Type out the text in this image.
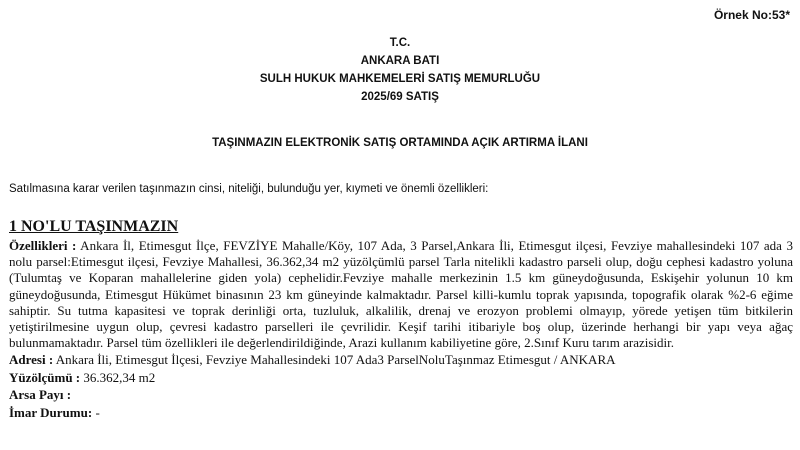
Örnek No:53*
T.C.
ANKARA BATI
SULH HUKUK MAHKEMELERİ SATIŞ MEMURLUĞU
2025/69 SATIŞ
TAŞINMAZIN ELEKTRONİK SATIŞ ORTAMINDA AÇIK ARTIRMA İLANI
Satılmasına karar verilen taşınmazın cinsi, niteliği, bulunduğu yer, kıymeti ve önemli özellikleri:
1 NO'LU TAŞINMAZIN
Özellikleri : Ankara İl, Etimesgut İlçe, FEVZİYE Mahalle/Köy, 107 Ada, 3 Parsel,Ankara İli, Etimesgut ilçesi, Fevziye mahallesindeki 107 ada 3 nolu parsel:Etimesgut ilçesi, Fevziye Mahallesi, 36.362,34 m2 yüzölçümlü parsel Tarla nitelikli kadastro parseli olup, doğu cephesi kadastro yoluna (Tulumtaş ve Koparan mahallelerine giden yola) cephelidir.Fevziye mahalle merkezinin 1.5 km güneydoğusunda, Eskişehir yolunun 10 km güneydoğusunda, Etimesgut Hükümet binasının 23 km güneyinde kalmaktadır. Parsel killi-kumlu toprak yapısında, topografik olarak %2-6 eğime sahiptir. Su tutma kapasitesi ve toprak derinliği orta, tuzluluk, alkalilik, drenaj ve erozyon problemi olmayıp, yörede yetişen tüm bitkilerin yetiştirilmesine uygun olup, çevresi kadastro parselleri ile çevrilidir. Keşif tarihi itibariyle boş olup, üzerinde herhangi bir yapı veya ağaç bulunmamaktadır. Parsel tüm özellikleri ile değerlendirildiğinde, Arazi kullanım kabiliyetine göre, 2.Sınıf Kuru tarım arazisidir.
Adresi : Ankara İli, Etimesgut İlçesi, Fevziye Mahallesindeki 107 Ada3 ParselNoluTaşınmaz Etimesgut / ANKARA
Yüzölçümü : 36.362,34 m2
Arsa Payı :
İmar Durumu: -
